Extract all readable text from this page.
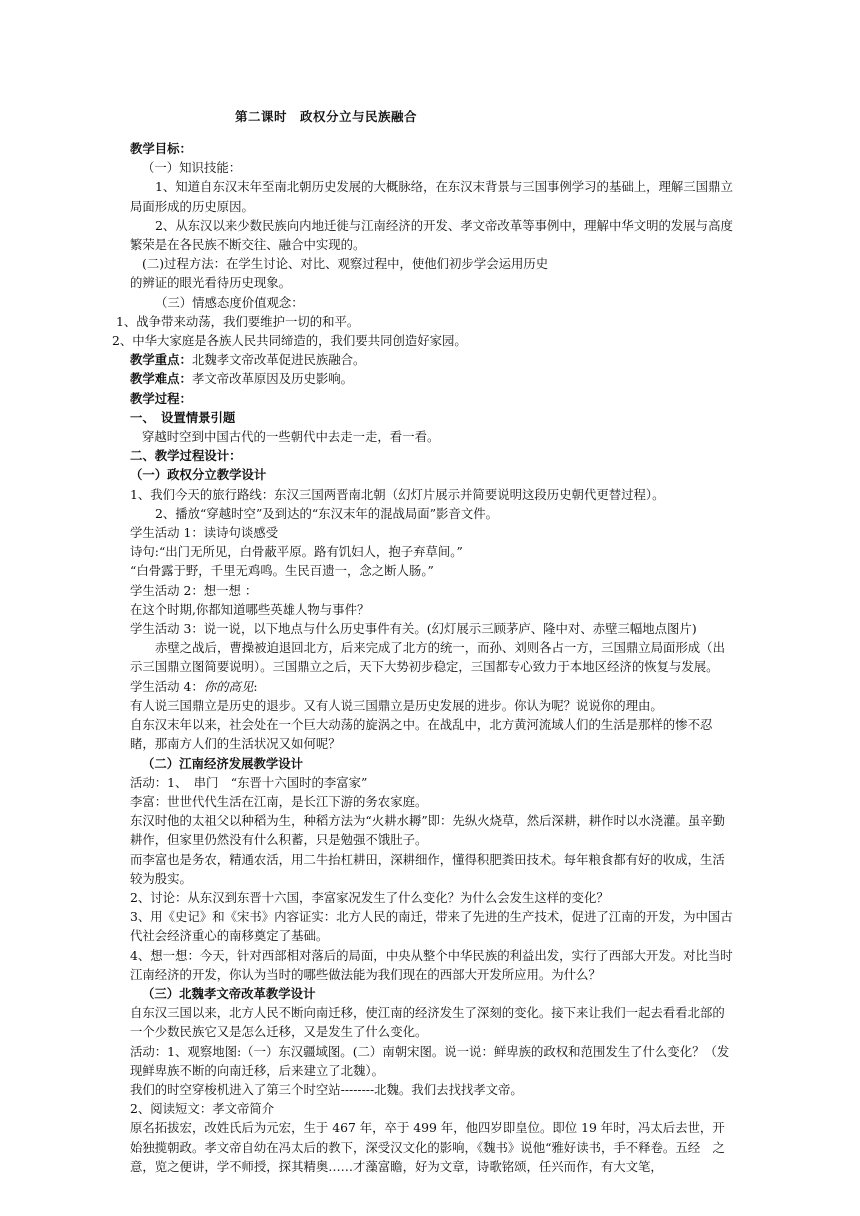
第二课时　政权分立与民族融合

教学目标：

（一）知识技能：

1、知道自东汉末年至南北朝历史发展的大概脉络，在东汉末背景与三国事例学习的基础上，理解三国鼎立局面形成的历史原因。

2、从东汉以来少数民族向内地迁徙与江南经济的开发、孝文帝改革等事例中，理解中华文明的发展与高度繁荣是在各民族不断交往、融合中实现的。

(二)过程方法：在学生讨论、对比、观察过程中，使他们初步学会运用历史

的辨证的眼光看待历史现象。

（三）情感态度价值观念：

1、战争带来动荡，我们要维护一切的和平。

2、中华大家庭是各族人民共同缔造的，我们要共同创造好家园。

教学重点：北魏孝文帝改革促进民族融合。

教学难点：孝文帝改革原因及历史影响。

教学过程：

一、　设置情景引题

穿越时空到中国古代的一些朝代中去走一走，看一看。

二、教学过程设计：

（一）政权分立教学设计

1、我们今天的旅行路线：东汉三国两晋南北朝（幻灯片展示并简要说明这段历史朝代更替过程）。

2、播放“穿越时空”及到达的“东汉末年的混战局面”影音文件。

学生活动 1：读诗句谈感受

诗句:“出门无所见，白骨蔽平原。路有饥妇人，抱子弃草间。”

“白骨露于野，千里无鸡鸣。生民百遗一，念之断人肠。”

学生活动 2：想一想 ：

在这个时期,你都知道哪些英雄人物与事件？

学生活动 3：说一说，以下地点与什么历史事件有关。(幻灯展示三顾茅庐、隆中对、赤壁三幅地点图片)

赤壁之战后，曹操被迫退回北方，后来完成了北方的统一，而孙、刘则各占一方，三国鼎立局面形成（出示三国鼎立图简要说明）。三国鼎立之后，天下大势初步稳定，三国都专心致力于本地区经济的恢复与发展。

学生活动 4：你的高见:

有人说三国鼎立是历史的退步。又有人说三国鼎立是历史发展的进步。你认为呢？说说你的理由。

自东汉末年以来，社会处在一个巨大动荡的旋涡之中。在战乱中，北方黄河流域人们的生活是那样的惨不忍睹，那南方人们的生活状况又如何呢？

（二）江南经济发展教学设计

活动：1、　串门　“东晋十六国时的李富家”

李富：世世代代生活在江南，是长江下游的务农家庭。

东汉时他的太祖父以种稻为生，种稻方法为“火耕水耨”即：先纵火烧草，然后深耕，耕作时以水浇灌。虽辛勤耕作，但家里仍然没有什么积蓄，只是勉强不饿肚子。

而李富也是务农，精通农活，用二牛抬杠耕田，深耕细作，懂得积肥粪田技术。每年粮食都有好的收成，生活较为殷实。

2、讨论：从东汉到东晋十六国，李富家况发生了什么变化？为什么会发生这样的变化？

3、用《史记》和《宋书》内容证实：北方人民的南迁，带来了先进的生产技术，促进了江南的开发，为中国古代社会经济重心的南移奠定了基础。

4、想一想：今天，针对西部相对落后的局面，中央从整个中华民族的利益出发，实行了西部大开发。对比当时江南经济的开发，你认为当时的哪些做法能为我们现在的西部大开发所应用。为什么？

（三）北魏孝文帝改革教学设计

自东汉三国以来，北方人民不断向南迁移，使江南的经济发生了深刻的变化。接下来让我们一起去看看北部的一个少数民族它又是怎么迁移，又是发生了什么变化。

活动：1、观察地图:（一）东汉疆域图。(二）南朝宋图。说一说：鲜卑族的政权和范围发生了什么变化？（发现鲜卑族不断的向南迁移，后来建立了北魏）。

我们的时空穿梭机进入了第三个时空站--------北魏。我们去找找孝文帝。

2、阅读短文：孝文帝简介

原名拓拔宏，改姓氏后为元宏，生于 467 年，卒于 499 年，他四岁即皇位。即位 19 年时，冯太后去世，开始独揽朝政。孝文帝自幼在冯太后的教下，深受汉文化的影响，《魏书》说他“雅好读书，手不释卷。五经　之意，览之便讲，学不师授，探其精奥……才藻富瞻，好为文章，诗歌铭颂，任兴而作，有大文笔，
